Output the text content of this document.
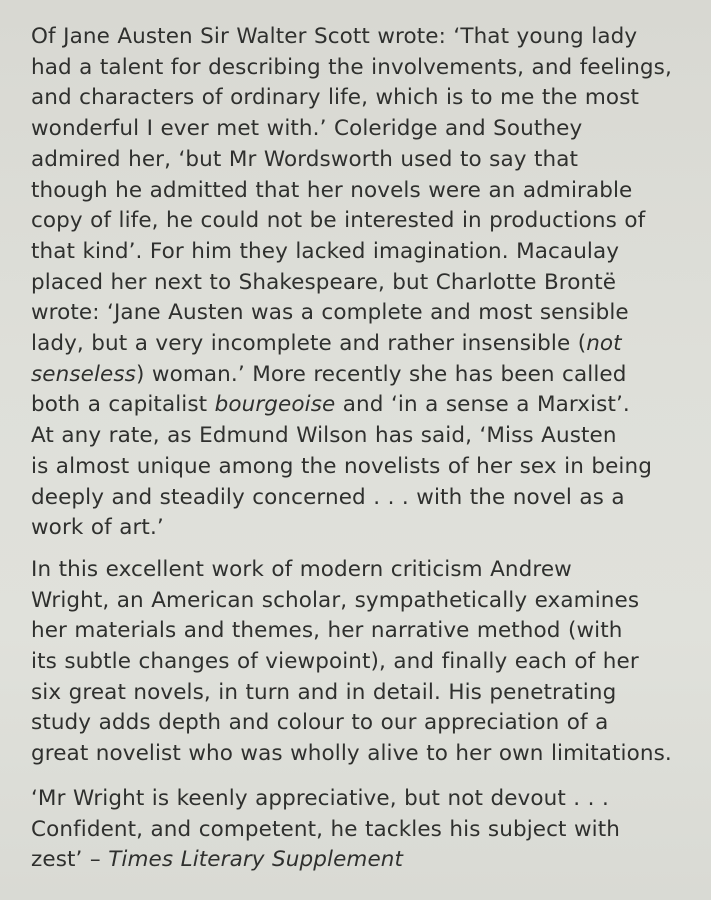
Of Jane Austen Sir Walter Scott wrote: ‘That young lady
had a talent for describing the involvements, and feelings,
and characters of ordinary life, which is to me the most
wonderful I ever met with.’ Coleridge and Southey
admired her, ‘but Mr Wordsworth used to say that
though he admitted that her novels were an admirable
copy of life, he could not be interested in productions of
that kind’. For him they lacked imagination. Macaulay
placed her next to Shakespeare, but Charlotte Brontë
wrote: ‘Jane Austen was a complete and most sensible
lady, but a very incomplete and rather insensible (not
senseless) woman.’ More recently she has been called
both a capitalist bourgeoise and ‘in a sense a Marxist’.
At any rate, as Edmund Wilson has said, ‘Miss Austen
is almost unique among the novelists of her sex in being
deeply and steadily concerned . . . with the novel as a
work of art.’

In this excellent work of modern criticism Andrew
Wright, an American scholar, sympathetically examines
her materials and themes, her narrative method (with
its subtle changes of viewpoint), and finally each of her
six great novels, in turn and in detail. His penetrating
study adds depth and colour to our appreciation of a
great novelist who was wholly alive to her own limitations.

‘Mr Wright is keenly appreciative, but not devout . . .
Confident, and competent, he tackles his subject with
zest’ – Times Literary Supplement
